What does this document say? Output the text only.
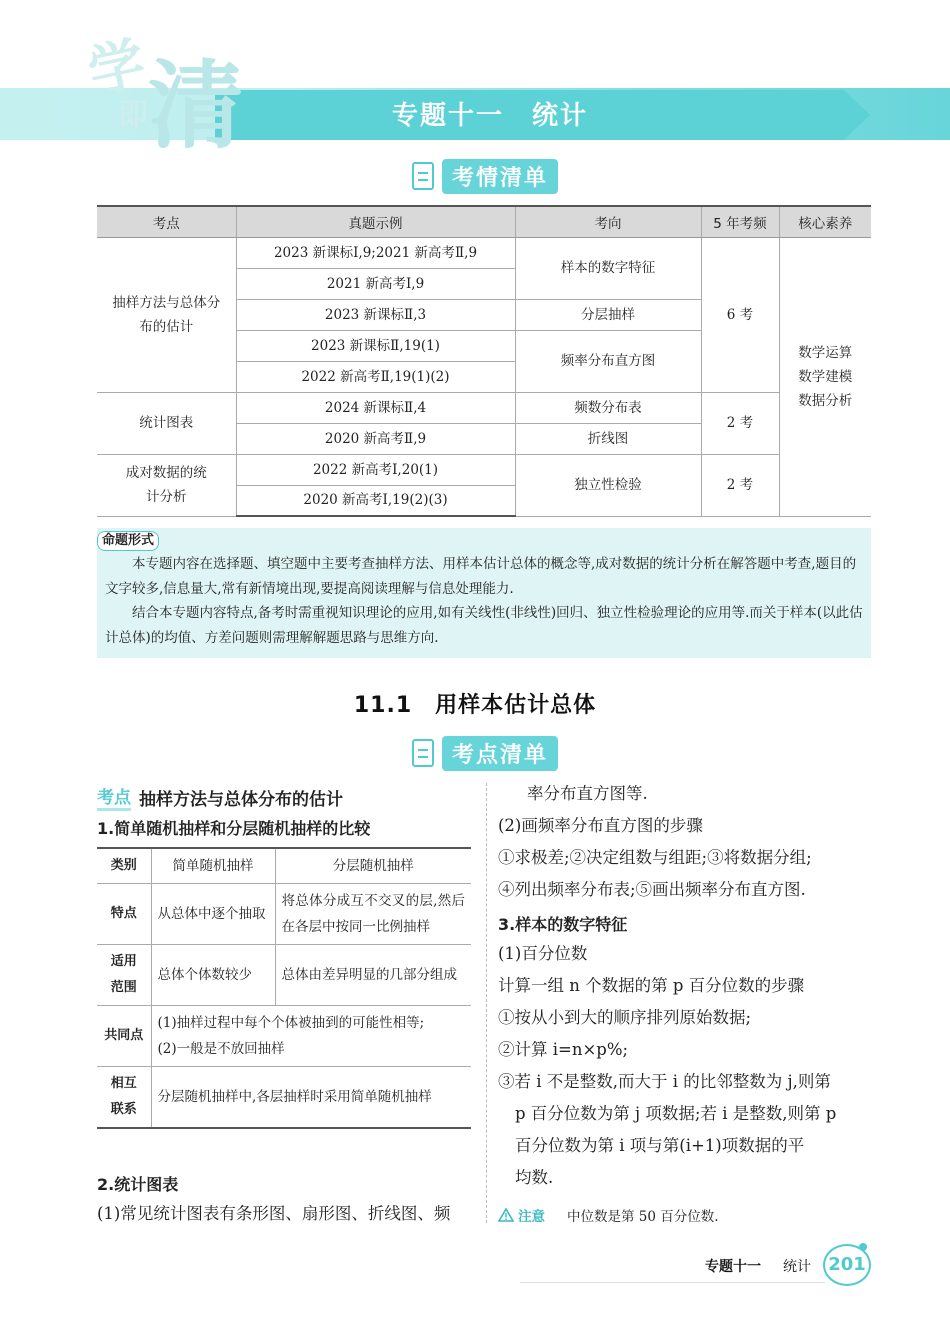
学
即 清	专题十一　统计
考情清单
考点	真题示例	考向	5 年考频	核心素养
抽样方法与总体分布的估计	2023 新课标Ⅰ,9;2021 新高考Ⅱ,9	样本的数字特征	6 考	数学运算
数学建模
数据分析

	2021 新高考Ⅰ,9			
	2023 新课标Ⅱ,3	分层抽样		
	2023 新课标Ⅱ,19(1)	频率分布直方图		
	2022 新高考Ⅱ,19(1)(2)			
统计图表	2024 新课标Ⅱ,4	频数分布表	2 考	
	2020 新高考Ⅱ,9	折线图		
成对数据的统计分析	2022 新高考Ⅰ,20(1)	独立性检验	2 考	
	2020 新高考Ⅰ,19(2)(3)			

本专题内容在选择题、填空题中主要考查抽样方法、用样本估计总体的概念等,成对数据的统计分析在解答题中考查,题目的文字较多,信息量大,常有新情境出现,要提高阅读理解与信息处理能力.

结合本专题内容特点,备考时需重视知识理论的应用,如有关线性(非线性)回归、独立性检验理论的应用等.而关于样本(以此估计总体)的均值、方差问题则需理解解题思路与思维方向.

命题形式
11.1　用样本估计总体
考点清单
考点 抽样方法与总体分布的估计
1.简单随机抽样和分层随机抽样的比较
类别	简单随机抽样	分层随机抽样
特点	从总体中逐个抽取	将总体分成互不交叉的层,然后在各层中按同一比例抽样

适用
范围	总体个体数较少	总体由差异明显的几部分组成
共同点	(1)抽样过程中每个个体被抽到的可能性相等;
(2)一般是不放回抽样	

相互
联系	分层随机抽样中,各层抽样时采用简单随机抽样	
2.统计图表
(1)常见统计图表有条形图、扇形图、折线图、频
率分布直方图等.
(2)画频率分布直方图的步骤
①求极差;②决定组数与组距;③将数据分组;
④列出频率分布表;⑤画出频率分布直方图.
3.样本的数字特征
(1)百分位数
计算一组 n 个数据的第 p 百分位数的步骤
①按从小到大的顺序排列原始数据;
②计算 i=n×p%;
③若 i 不是整数,而大于 i 的比邻整数为 j,则第
p 百分位数为第 j 项数据;若 i 是整数,则第 p
百分位数为第 i 项与第(i+1)项数据的平
均数.
注意 中位数是第 50 百分位数.
专题十一 统计 201
